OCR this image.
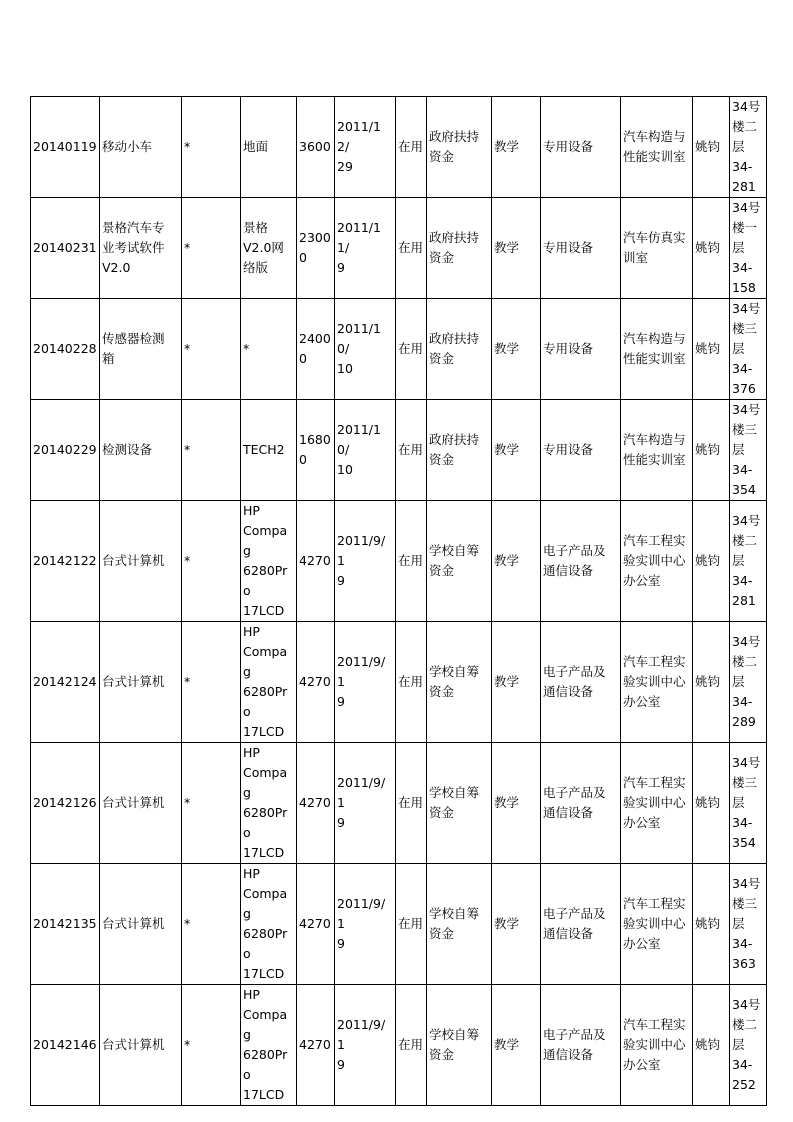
20140119	移动小车	*	地面	3600	2011/12/
29	在用	政府扶持
资金	教学	专用设备	汽车构造与
性能实训室	姚钧	34号
楼二
层
34-
281

20140231	景格汽车专
业考试软件
V2.0	*	景格
V2.0网
络版	23000	2011/11/
9	在用	政府扶持
资金	教学	专用设备	汽车仿真实
训室	姚钧	34号
楼一
层
34-
158

20140228	传感器检测
箱	*	*	24000	2011/10/
10	在用	政府扶持
资金	教学	专用设备	汽车构造与
性能实训室	姚钧	34号
楼三
层
34-
376

20140229	检测设备	*	TECH2	16800	2011/10/
10	在用	政府扶持
资金	教学	专用设备	汽车构造与
性能实训室	姚钧	34号
楼三
层
34-
354

20142122	台式计算机	*	HP
Compag
6280Pro
17LCD	4270	2011/9/1
9	在用	学校自筹
资金	教学	电子产品及
通信设备	汽车工程实
验实训中心
办公室	姚钧	34号
楼二
层
34-
281

20142124	台式计算机	*	HP
Compag
6280Pro
17LCD	4270	2011/9/1
9	在用	学校自筹
资金	教学	电子产品及
通信设备	汽车工程实
验实训中心
办公室	姚钧	34号
楼二
层
34-
289

20142126	台式计算机	*	HP
Compag
6280Pro
17LCD	4270	2011/9/1
9	在用	学校自筹
资金	教学	电子产品及
通信设备	汽车工程实
验实训中心
办公室	姚钧	34号
楼三
层
34-
354

20142135	台式计算机	*	HP
Compag
6280Pro
17LCD	4270	2011/9/1
9	在用	学校自筹
资金	教学	电子产品及
通信设备	汽车工程实
验实训中心
办公室	姚钧	34号
楼三
层
34-
363

20142146	台式计算机	*	HP
Compag
6280Pro
17LCD	4270	2011/9/1
9	在用	学校自筹
资金	教学	电子产品及
通信设备	汽车工程实
验实训中心
办公室	姚钧	34号
楼二
层
34-
252
